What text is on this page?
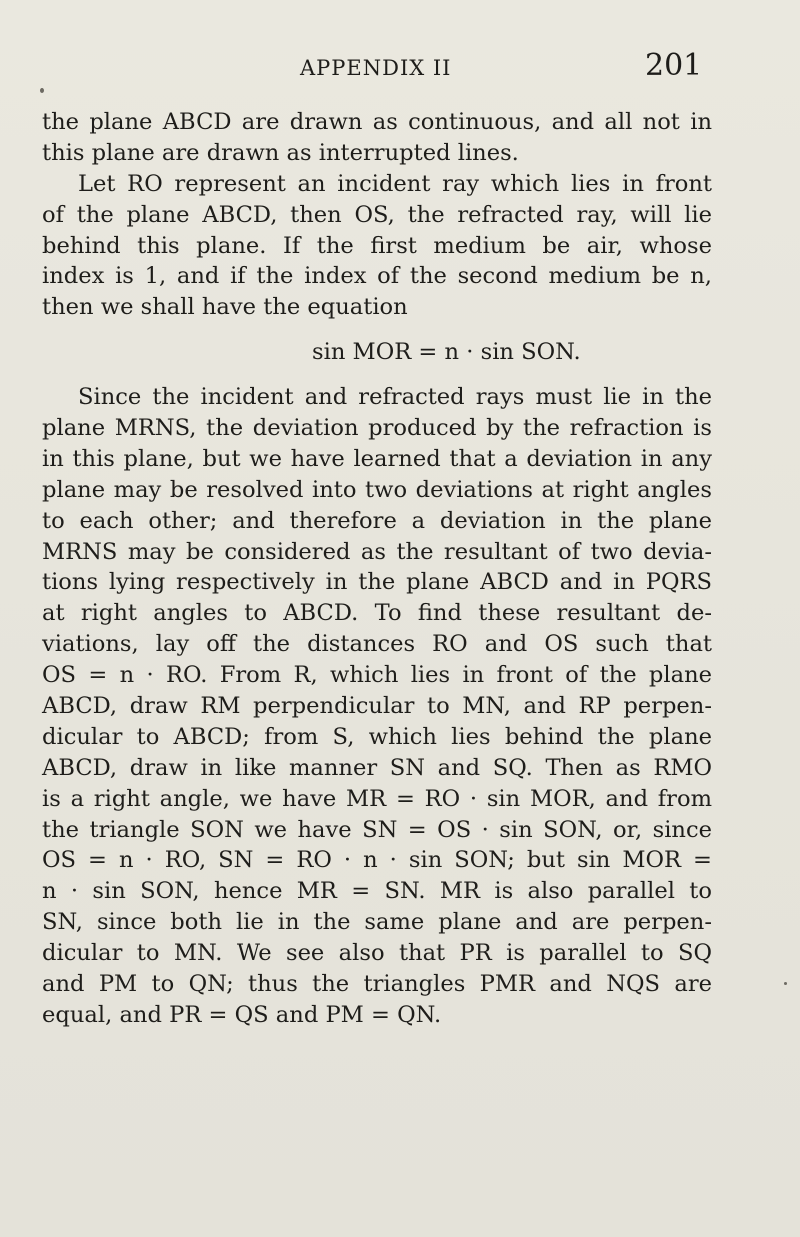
APPENDIX II	201
the plane ABCD are drawn as continuous, and all not in
this plane are drawn as interrupted lines.
Let RO represent an incident ray which lies in front
of the plane ABCD, then OS, the refracted ray, will lie
behind this plane. If the first medium be air, whose
index is 1, and if the index of the second medium be n,
then we shall have the equation
sin MOR = n · sin SON.
Since the incident and refracted rays must lie in the
plane MRNS, the deviation produced by the refraction is
in this plane, but we have learned that a deviation in any
plane may be resolved into two deviations at right angles
to each other; and therefore a deviation in the plane
MRNS may be considered as the resultant of two devia-
tions lying respectively in the plane ABCD and in PQRS
at right angles to ABCD. To find these resultant de-
viations, lay off the distances RO and OS such that
OS = n · RO. From R, which lies in front of the plane
ABCD, draw RM perpendicular to MN, and RP perpen-
dicular to ABCD; from S, which lies behind the plane
ABCD, draw in like manner SN and SQ. Then as RMO
is a right angle, we have MR = RO · sin MOR, and from
the triangle SON we have SN = OS · sin SON, or, since
OS = n · RO, SN = RO · n · sin SON; but sin MOR =
n · sin SON, hence MR = SN. MR is also parallel to
SN, since both lie in the same plane and are perpen-
dicular to MN. We see also that PR is parallel to SQ
and PM to QN; thus the triangles PMR and NQS are
equal, and PR = QS and PM = QN.
